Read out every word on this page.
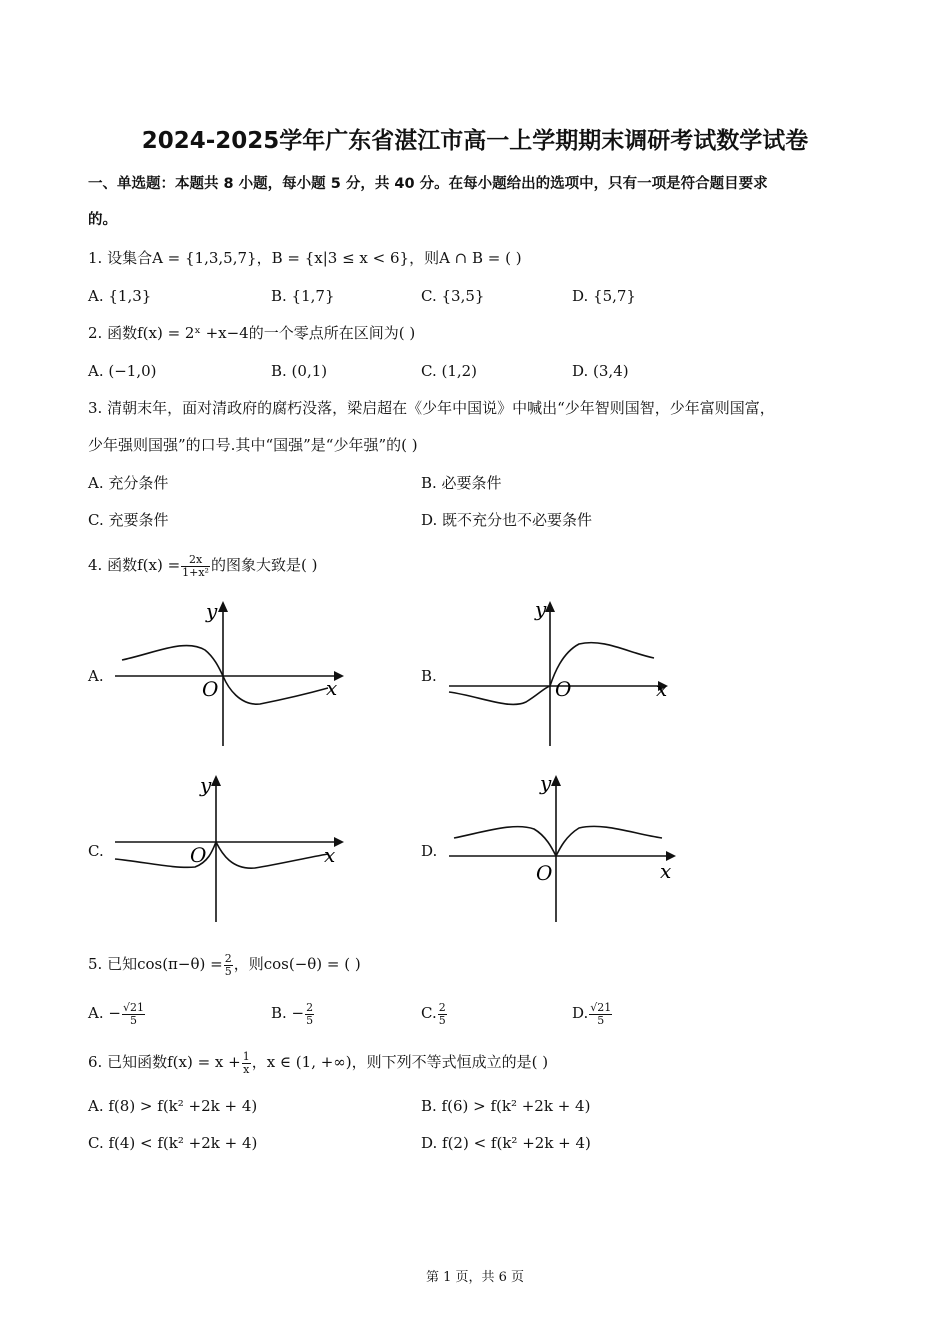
2024-2025学年广东省湛江市高一上学期期末调研考试数学试卷
一、单选题：本题共 8 小题，每小题 5 分，共 40 分。在每小题给出的选项中，只有一项是符合题目要求
的。
1. 设集合A = {1,3,5,7}，B = {x|3 ≤ x < 6}，则A ∩ B = ( )
A. {1,3}	B. {1,7}	C. {3,5}	D. {5,7}
2. 函数f(x) = 2ˣ +x−4的一个零点所在区间为( )
A. (−1,0)	B. (0,1)	C. (1,2)	D. (3,4)
3. 清朝末年，面对清政府的腐朽没落，梁启超在《少年中国说》中喊出“少年智则国智，少年富则国富，
少年强则国强”的口号.其中“国强”是“少年强”的( )
A. 充分条件	B. 必要条件
C. 充要条件	D. 既不充分也不必要条件
4. 函数$f(x) = \frac{2x}{\text{1+x²}}$ 的图象大致是( )
A.	B.
C.	D.
y
O	x
y
O	x
y
O	x
y
O	x
5. 已知$\cos(\pi-\theta) = \frac{2}{5}$ ，则cos(−θ) = ( )
A. − $\frac{√21}{5}$	B. − $\frac{2}{5}$	C. $\frac{2}{5}$	D. $\frac{√21}{5}$
6. 已知函数$f(x) = x + \frac{1}{x}$ ，x ∈ (1, +∞)，则下列不等式恒成立的是( )
A. f(8) > f(k² +2k + 4)	B. f(6) > f(k² +2k + 4)
C. f(4) < f(k² +2k + 4)	D. f(2) < f(k² +2k + 4)
第 1 页，共 6 页
